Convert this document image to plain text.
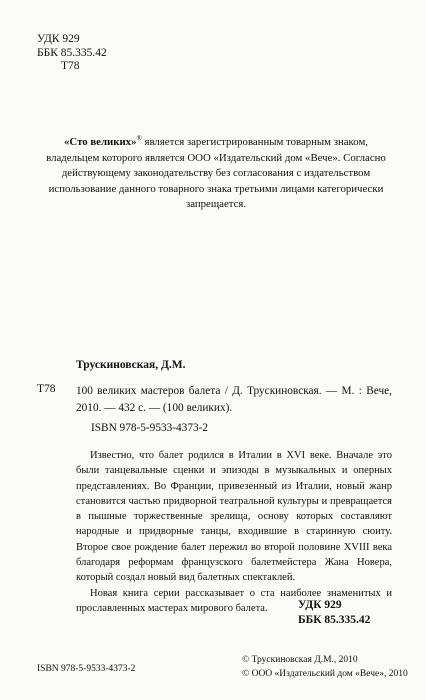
УДК 929
ББК 85.335.42
Т78
«Сто великих»® является зарегистрированным товарным знаком, владельцем которого является ООО «Издательский дом «Вече». Согласно действующему законодательству без согласования с издательством использование данного товарного знака третьими лицами категорически запрещается.
Трускиновская, Д.М.
Т78 100 великих мастеров балета / Д. Трускиновская. — М. : Вече, 2010. — 432 с. — (100 великих).
ISBN 978-5-9533-4373-2

Известно, что балет родился в Италии в XVI веке. Вначале это были танцевальные сценки и эпизоды в музыкальных и оперных представлениях. Во Франции, привезенный из Италии, новый жанр становится частью придворной театральной культуры и превращается в пышные торжественные зрелища, основу которых составляют народные и придворные танцы, входившие в старинную сюиту. Второе свое рождение балет пережил во второй половине XVIII века благодаря реформам французского балетмейстера Жана Новера, который создал новый вид балетных спектаклей.

Новая книга серии рассказывает о ста наиболее знаменитых и прославленных мастерах мирового балета.	УДК 929
ББК 85.335.42
ISBN 978-5-9533-4373-2
© Трускиновская Д.М., 2010
© ООО «Издательский дом «Вече», 2010
